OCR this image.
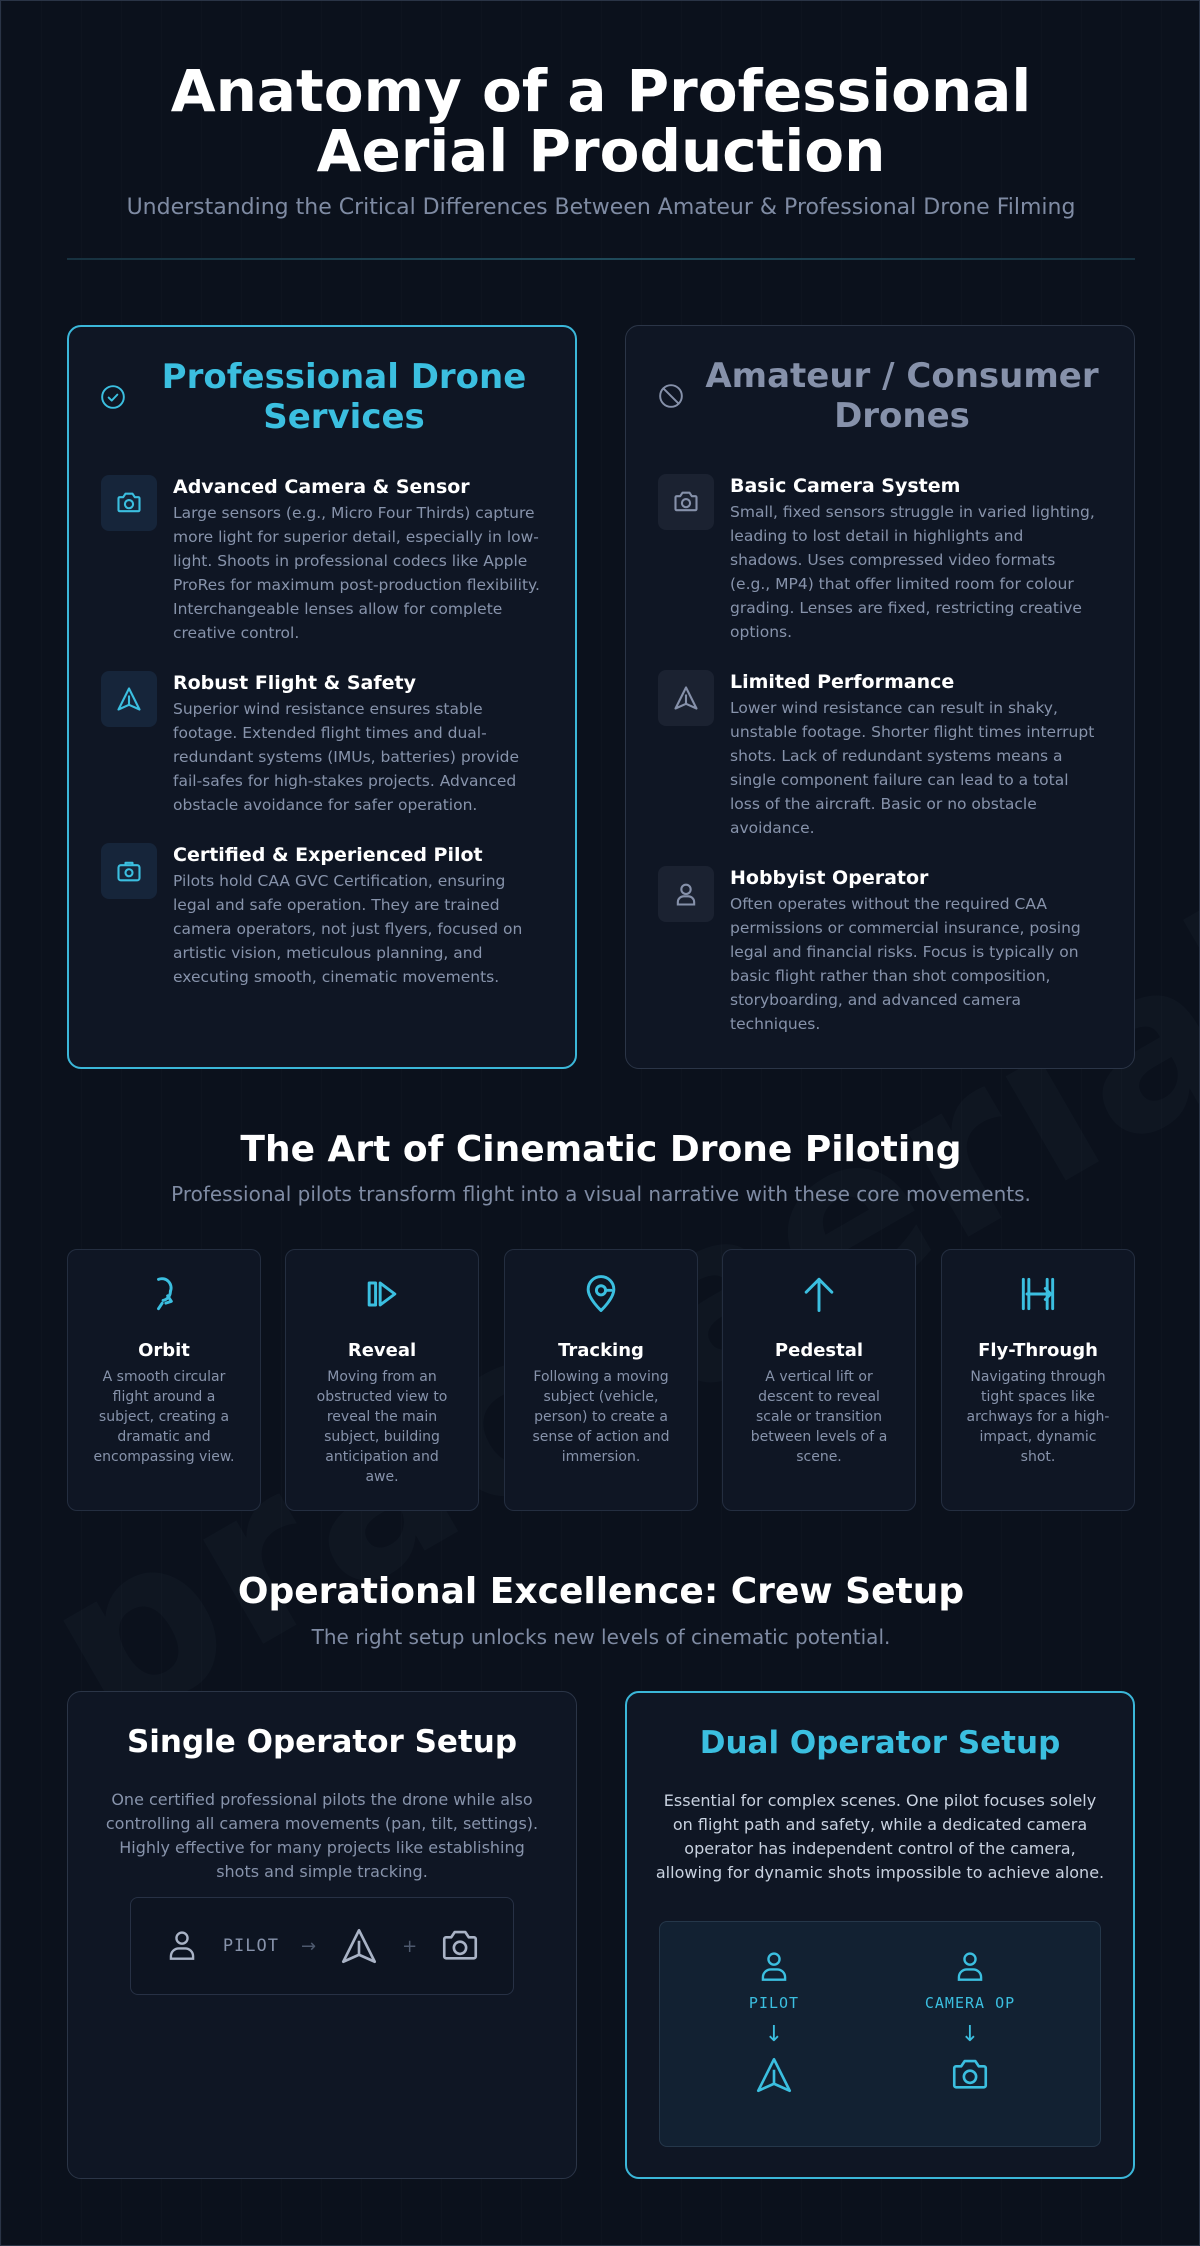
Anatomy of a Professional Aerial Production

Understanding the Critical Differences Between Amateur & Professional Drone Filming

Professional Drone Services
Advanced Camera & Sensor
Large sensors (e.g., Micro Four Thirds) capture more light for superior detail, especially in low-light. Shoots in professional codecs like Apple ProRes for maximum post-production flexibility. Interchangeable lenses allow for complete creative control.
Robust Flight & Safety
Superior wind resistance ensures stable footage. Extended flight times and dual-redundant systems (IMUs, batteries) provide fail-safes for high-stakes projects. Advanced obstacle avoidance for safer operation.
Certified & Experienced Pilot
Pilots hold CAA GVC Certification, ensuring legal and safe operation. They are trained camera operators, not just flyers, focused on artistic vision, meticulous planning, and executing smooth, cinematic movements.
Amateur / Consumer Drones
Basic Camera System
Small, fixed sensors struggle in varied lighting, leading to lost detail in highlights and shadows. Uses compressed video formats (e.g., MP4) that offer limited room for colour grading. Lenses are fixed, restricting creative options.
Limited Performance
Lower wind resistance can result in shaky, unstable footage. Shorter flight times interrupt shots. Lack of redundant systems means a single component failure can lead to a total loss of the aircraft. Basic or no obstacle avoidance.
Hobbyist Operator
Often operates without the required CAA permissions or commercial insurance, posing legal and financial risks. Focus is typically on basic flight rather than shot composition, storyboarding, and advanced camera techniques.
The Art of Cinematic Drone Piloting

Professional pilots transform flight into a visual narrative with these core movements.

Orbit
A smooth circular flight around a subject, creating a dramatic and encompassing view.
Reveal
Moving from an obstructed view to reveal the main subject, building anticipation and awe.
Tracking
Following a moving subject (vehicle, person) to create a sense of action and immersion.
Pedestal
A vertical lift or descent to reveal scale or transition between levels of a scene.
Fly-Through
Navigating through tight spaces like archways for a high-impact, dynamic shot.
Operational Excellence: Crew Setup

The right setup unlocks new levels of cinematic potential.

Single Operator Setup

One certified professional pilots the drone while also controlling all camera movements (pan, tilt, settings). Highly effective for many projects like establishing shots and simple tracking.

PILOT →	+
Dual Operator Setup

Essential for complex scenes. One pilot focuses solely on flight path and safety, while a dedicated camera operator has independent control of the camera, allowing for dynamic shots impossible to achieve alone.

PILOT
↓
CAMERA OP
↓
